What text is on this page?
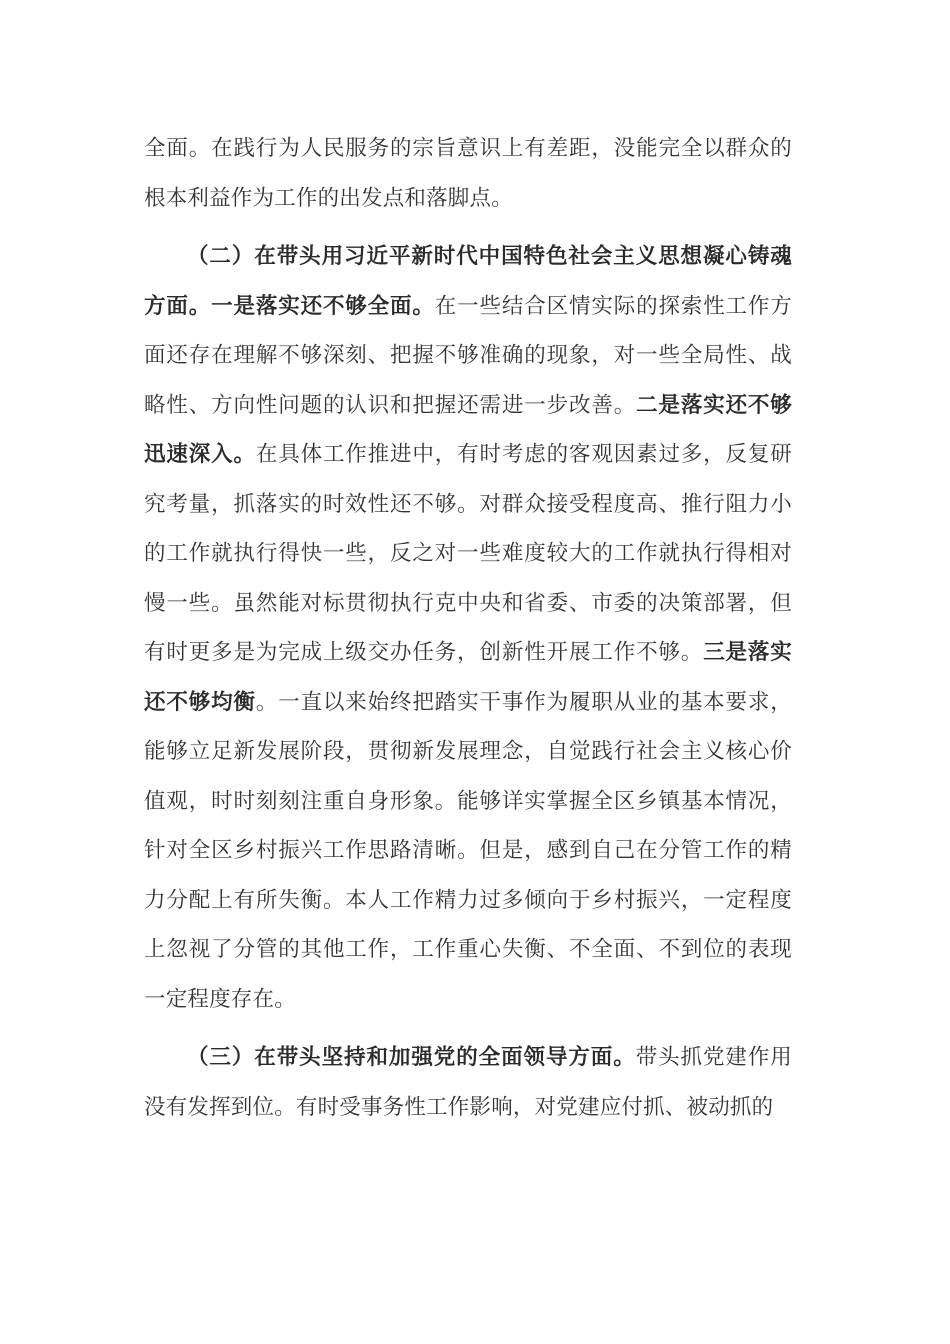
全面。在践行为人民服务的宗旨意识上有差距，没能完全以群众的根本利益作为工作的出发点和落脚点。

（二）在带头用习近平新时代中国特色社会主义思想凝心铸魂方面。一是落实还不够全面。在一些结合区情实际的探索性工作方面还存在理解不够深刻、把握不够准确的现象，对一些全局性、战略性、方向性问题的认识和把握还需进一步改善。二是落实还不够迅速深入。在具体工作推进中，有时考虑的客观因素过多，反复研究考量，抓落实的时效性还不够。对群众接受程度高、推行阻力小的工作就执行得快一些，反之对一些难度较大的工作就执行得相对慢一些。虽然能对标贯彻执行克中央和省委、市委的决策部署，但有时更多是为完成上级交办任务，创新性开展工作不够。三是落实还不够均衡。一直以来始终把踏实干事作为履职从业的基本要求，能够立足新发展阶段，贯彻新发展理念，自觉践行社会主义核心价值观，时时刻刻注重自身形象。能够详实掌握全区乡镇基本情况，针对全区乡村振兴工作思路清晰。但是，感到自己在分管工作的精力分配上有所失衡。本人工作精力过多倾向于乡村振兴，一定程度上忽视了分管的其他工作，工作重心失衡、不全面、不到位的表现一定程度存在。

（三）在带头坚持和加强党的全面领导方面。带头抓党建作用没有发挥到位。有时受事务性工作影响，对党建应付抓、被动抓的
